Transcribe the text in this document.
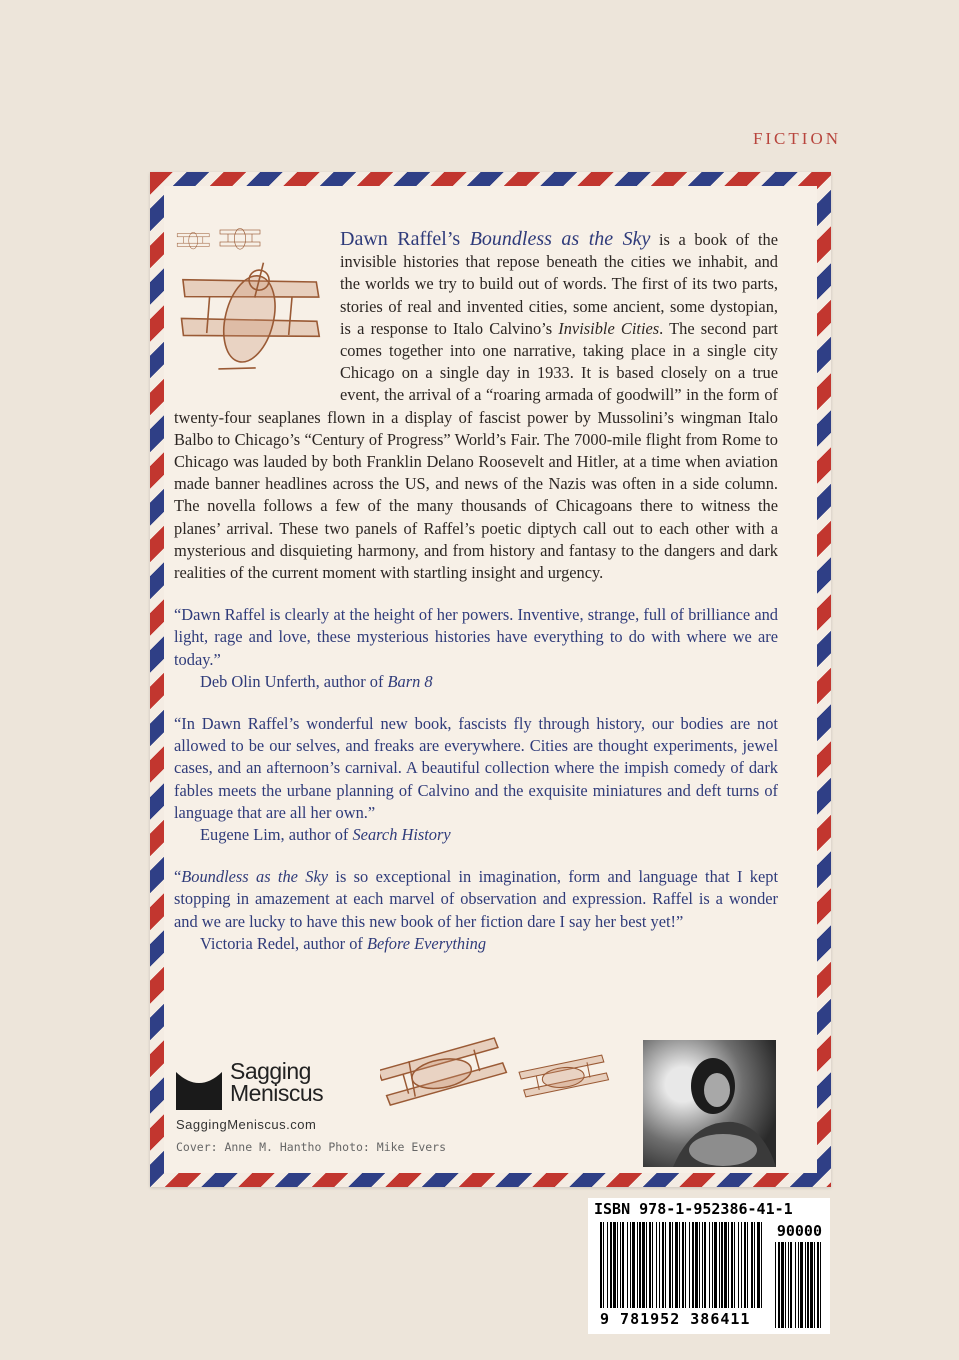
FICTION

Dawn Raffel’s Boundless as the Sky is a book of the invisible histories that repose beneath the cities we inhabit, and the worlds we try to build out of words. The first of its two parts, stories of real and invented cities, some ancient, some dystopian, is a response to Italo Calvino’s Invisible Cities. The second part comes together into one narrative, taking place in a single city Chicago on a single day in 1933. It is based closely on a true event, the arrival of a “roaring armada of goodwill” in the form of twenty-four seaplanes flown in a display of fascist power by Mussolini’s wingman Italo Balbo to Chicago’s “Century of Progress” World’s Fair. The 7000-mile flight from Rome to Chicago was lauded by both Franklin Delano Roosevelt and Hitler, at a time when aviation made banner headlines across the US, and news of the Nazis was often in a side column. The novella follows a few of the many thousands of Chicagoans there to witness the planes’ arrival. These two panels of Raffel’s poetic diptych call out to each other with a mysterious and disquieting harmony, and from history and fantasy to the dangers and dark realities of the current moment with startling insight and urgency.

“Dawn Raffel is clearly at the height of her powers. Inventive, strange, full of brilliance and light, rage and love, these mysterious histories have everything to do with where we are today.”
Deb Olin Unferth, author of Barn 8

“In Dawn Raffel’s wonderful new book, fascists fly through history, our bodies are not allowed to be our selves, and freaks are everywhere. Cities are thought experiments, jewel cases, and an afternoon’s carnival. A beautiful collection where the impish comedy of dark fables meets the urbane planning of Calvino and the exquisite miniatures and deft turns of language that are all her own.”
Eugene Lim, author of Search History

“Boundless as the Sky is so exceptional in imagination, form and language that I kept stopping in amazement at each marvel of observation and expression. Raffel is a wonder and we are lucky to have this new book of her fiction dare I say her best yet!”
Victoria Redel, author of Before Everything

Sagging
Meniscus
SaggingMeniscus.com
Cover: Anne M. Hantho Photo: Mike Evers
ISBN 978-1-952386-41-1
90000
9 781952 386411
